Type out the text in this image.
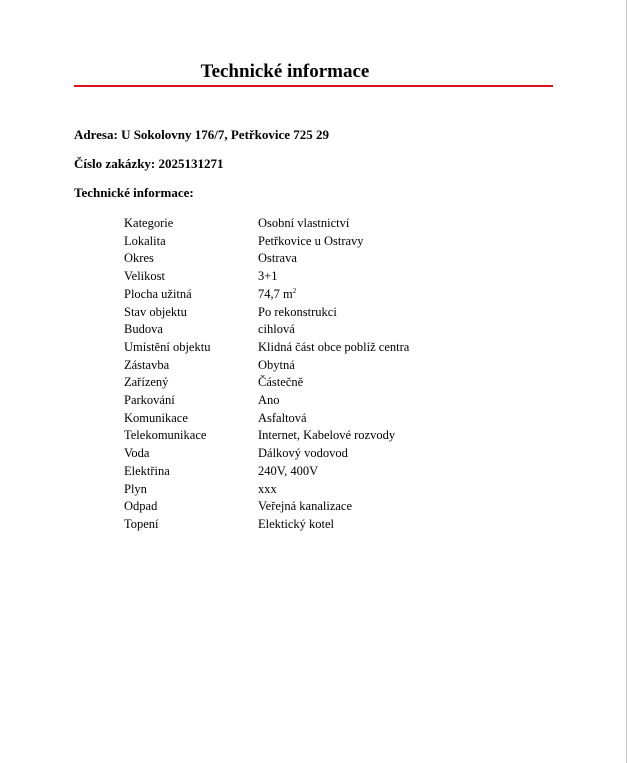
Technické informace
Adresa: U Sokolovny 176/7, Petřkovice 725 29
Číslo zakázky: 2025131271
Technické informace:
Kategorie	Osobní vlastnictví
Lokalita	Petřkovice u Ostravy
Okres	Ostrava
Velikost	3+1
Plocha užitná	74,7 $m^2$
Stav objektu	Po rekonstrukci
Budova	cihlová
Umístění objektu	Klidná část obce poblíž centra
Zástavba	Obytná
Zařízený	Částečně
Parkování	Ano
Komunikace	Asfaltová
Telekomunikace	Internet, Kabelové rozvody
Voda	Dálkový vodovod
Elektřina	240V, 400V
Plyn	xxx
Odpad	Veřejná kanalizace
Topení	Elektický kotel
